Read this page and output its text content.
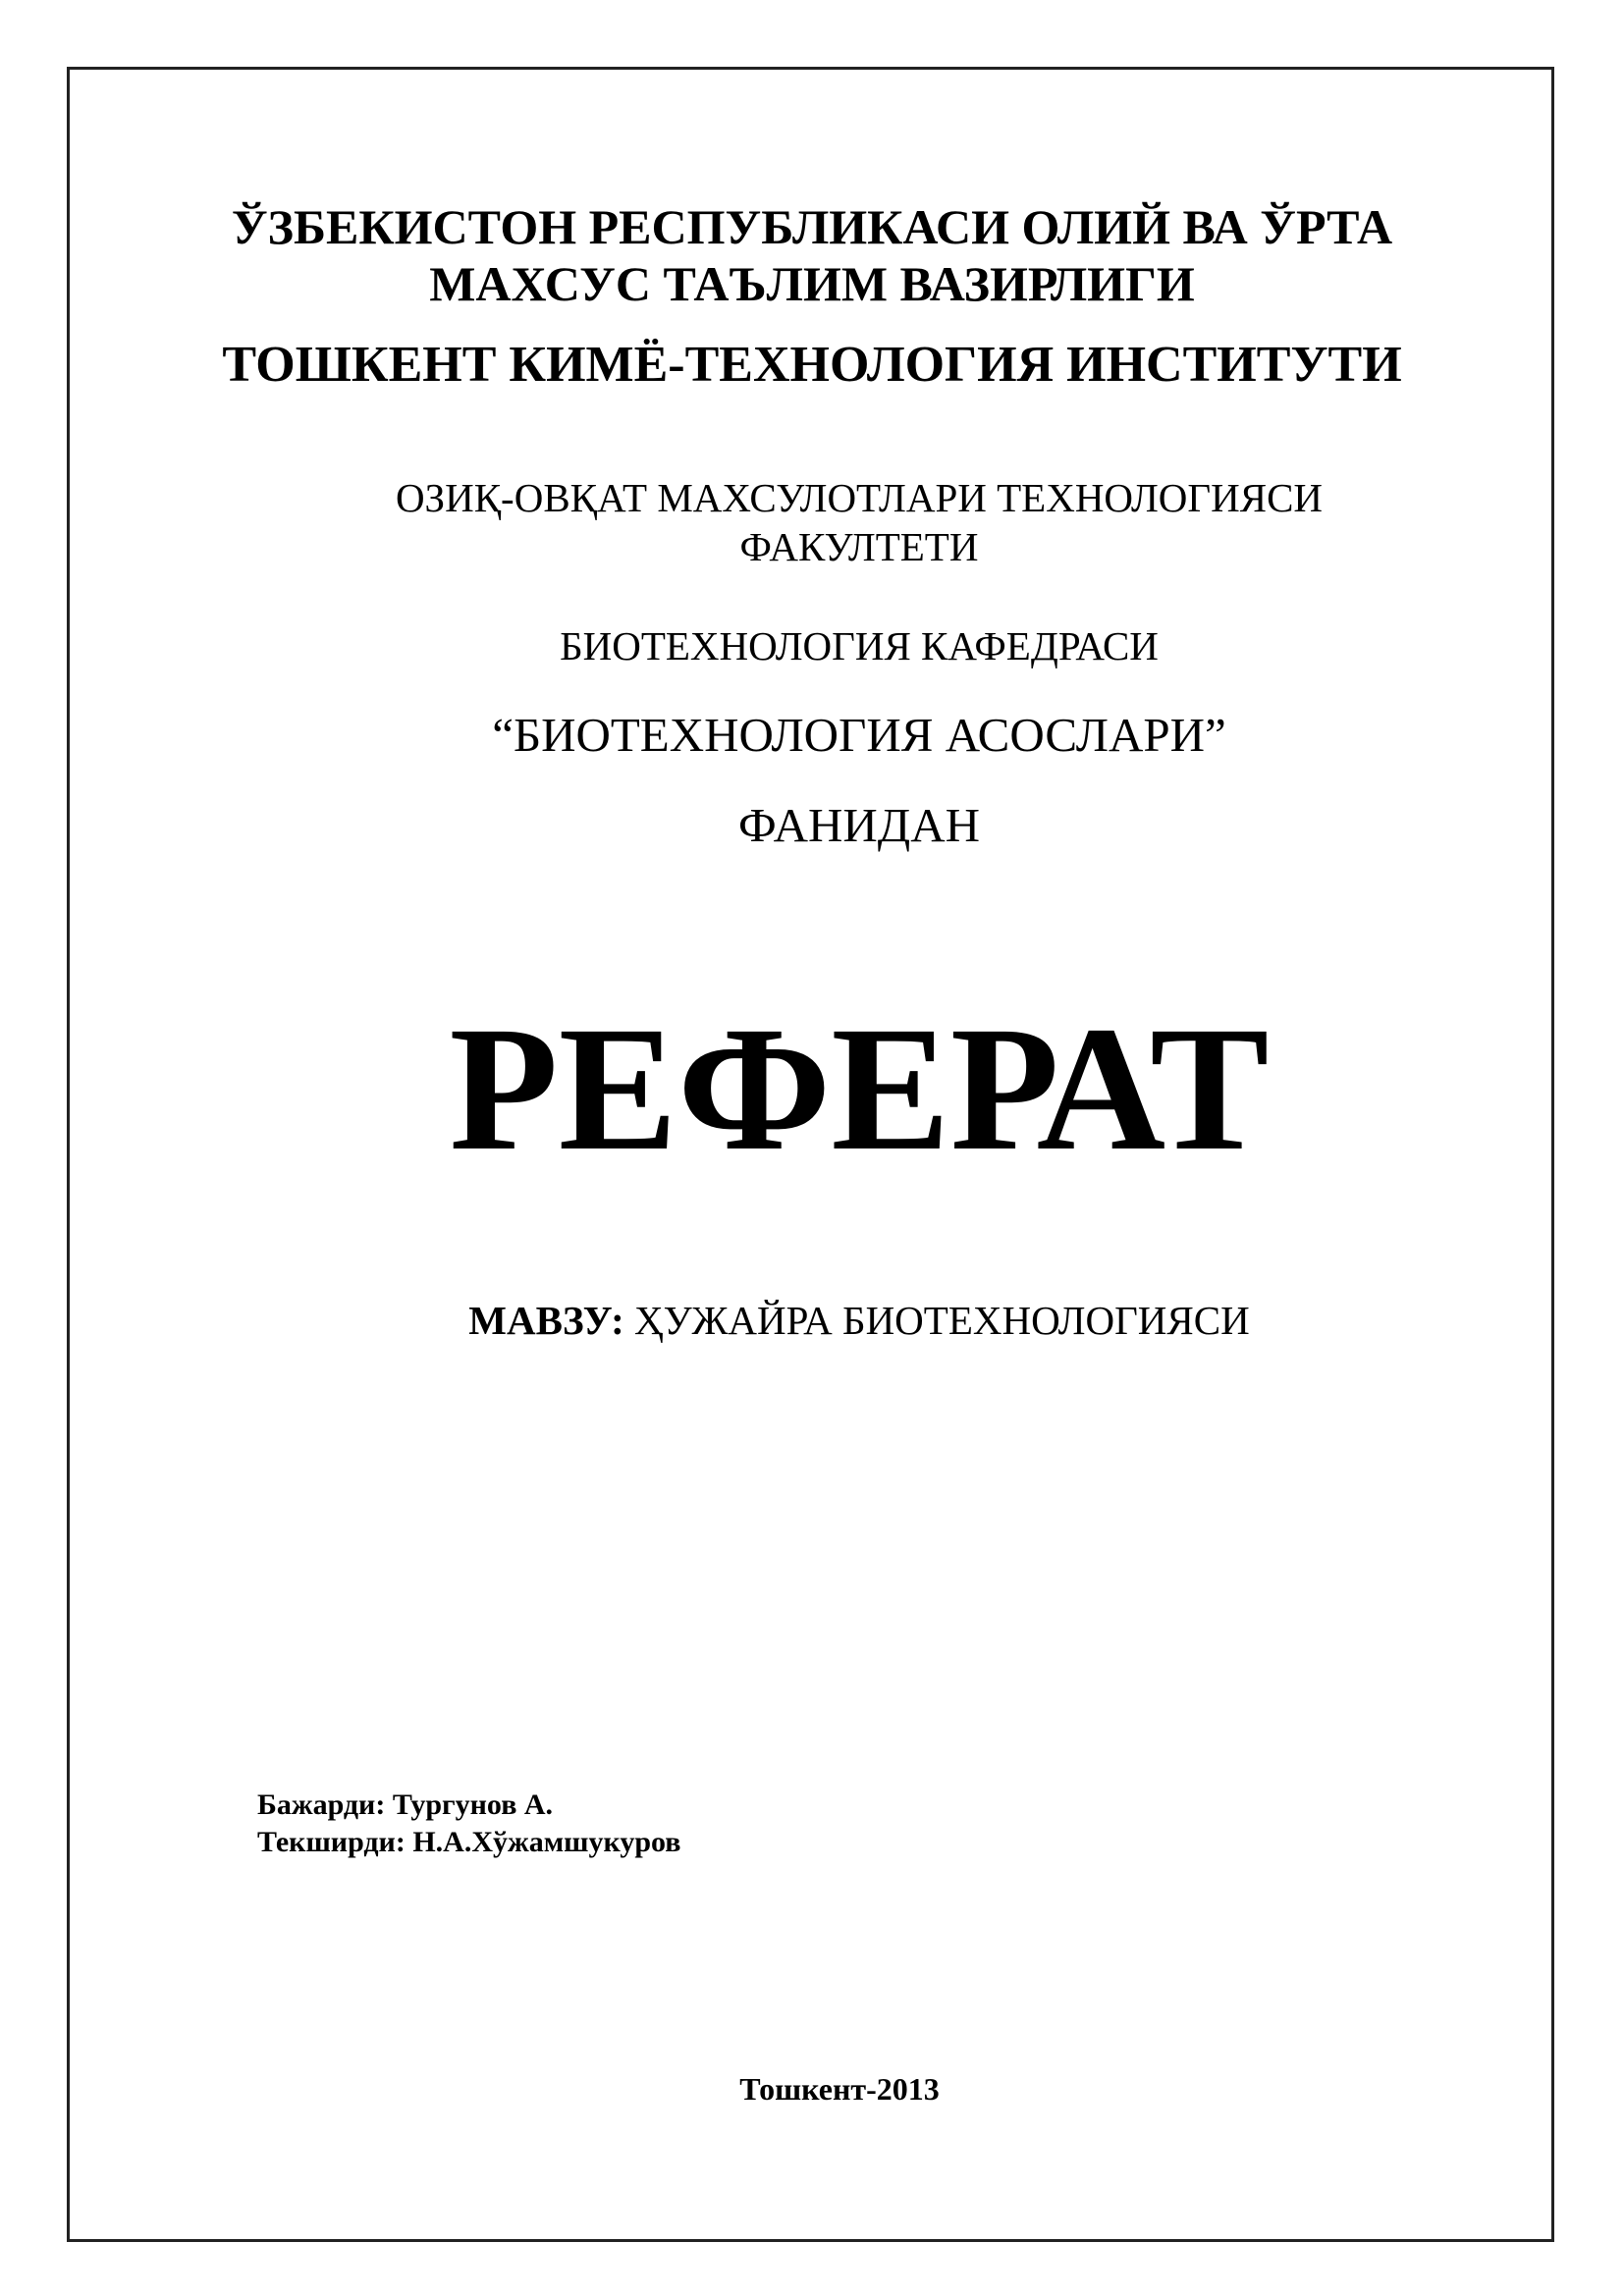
ЎЗБЕКИСТОН РЕСПУБЛИКАСИ ОЛИЙ ВА ЎРТА
МАХСУС ТАЪЛИМ ВАЗИРЛИГИ
ТОШКЕНТ КИМЁ-ТЕХНОЛОГИЯ ИНСТИТУТИ
ОЗИҚ-ОВҚАТ МАХСУЛОТЛАРИ ТЕХНОЛОГИЯСИ
ФАКУЛТЕТИ
БИОТЕХНОЛОГИЯ КАФЕДРАСИ
“БИОТЕХНОЛОГИЯ АСОСЛАРИ”
ФАНИДАН
РЕФЕРАТ
МАВЗУ: ҲУЖАЙРА БИОТЕХНОЛОГИЯСИ
Бажарди: Тургунов А.
Текширди: Н.А.Хўжамшукуров
Тошкент-2013
